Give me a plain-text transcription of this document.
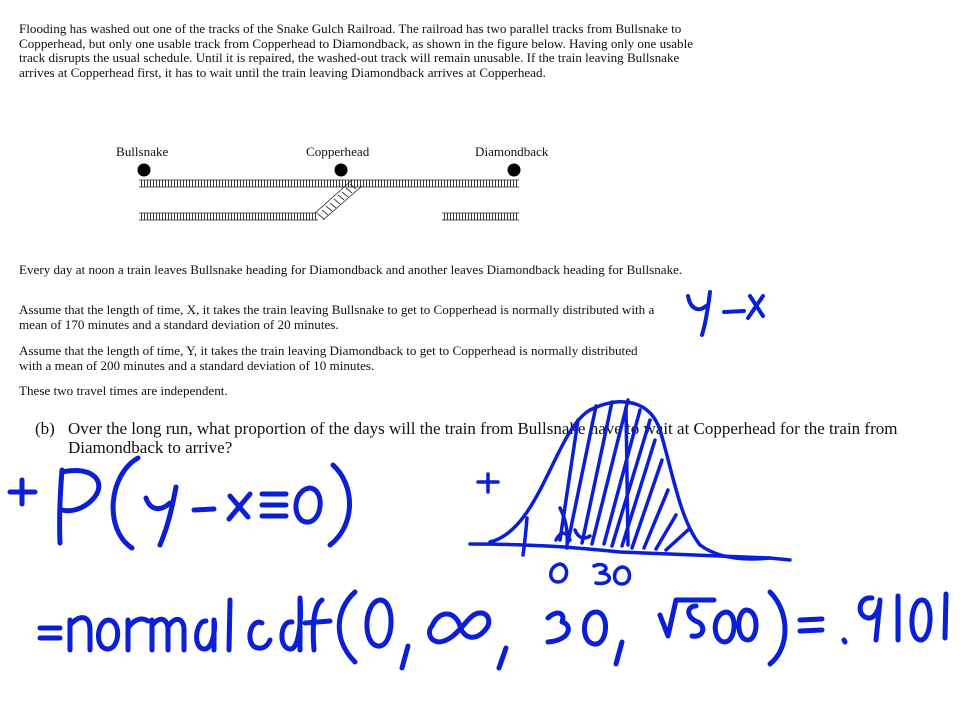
Flooding has washed out one of the tracks of the Snake Gulch Railroad. The railroad has two parallel tracks from Bullsnake to Copperhead, but only one usable track from Copperhead to Diamondback, as shown in the figure below. Having only one usable track disrupts the usual schedule. Until it is repaired, the washed-out track will remain unusable. If the train leaving Bullsnake arrives at Copperhead first, it has to wait until the train leaving Diamondback arrives at Copperhead.
Bullsnake	Copperhead	Diamondback
Every day at noon a train leaves Bullsnake heading for Diamondback and another leaves Diamondback heading for Bullsnake.
Assume that the length of time, X, it takes the train leaving Bullsnake to get to Copperhead is normally distributed with a mean of 170 minutes and a standard deviation of 20 minutes.
Assume that the length of time, Y, it takes the train leaving Diamondback to get to Copperhead is normally distributed with a mean of 200 minutes and a standard deviation of 10 minutes.
These two travel times are independent.
(b) Over the long run, what proportion of the days will the train from Bullsnake have to wait at Copperhead for the train from Diamondback to arrive?
